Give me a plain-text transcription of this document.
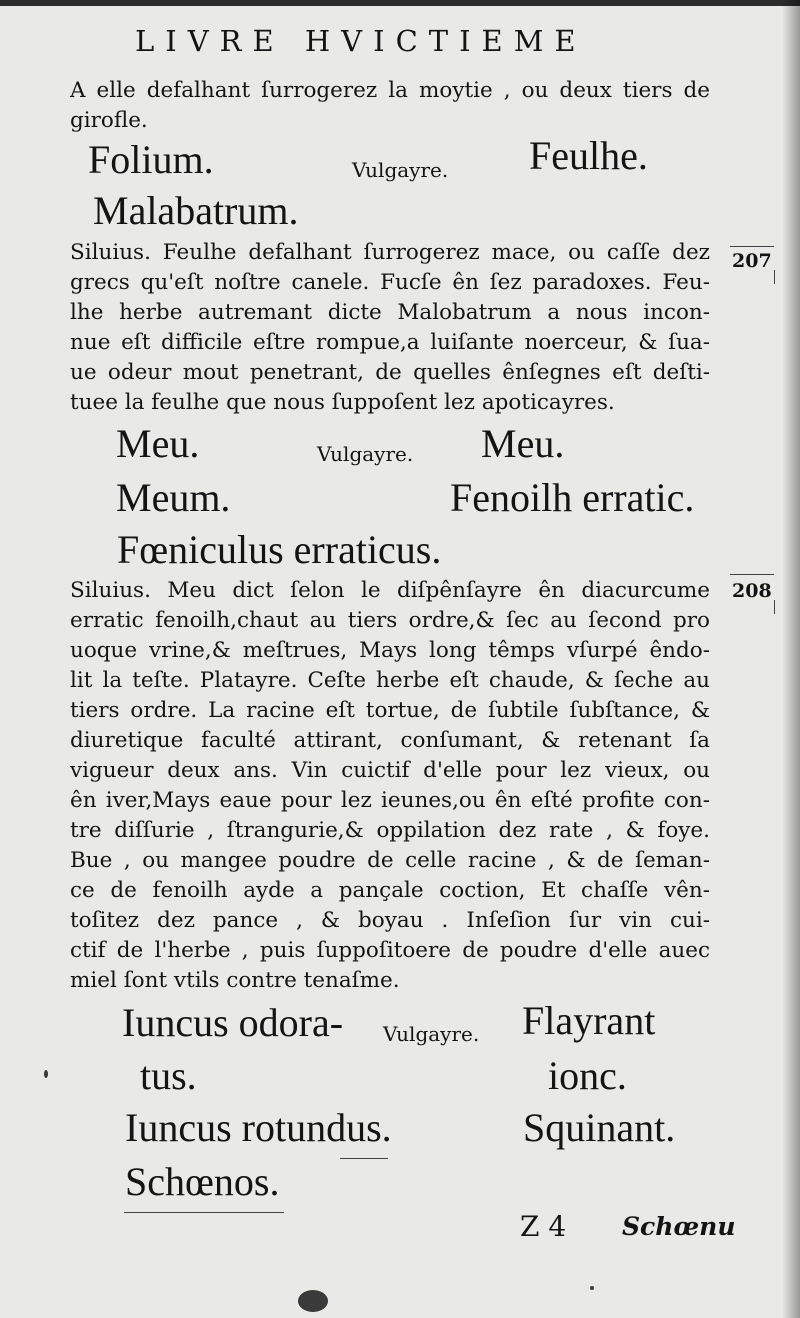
LIVRE HVICTIEME
A elle defalhant ſurrogerez la moytie , ou deux tiers de
girofle.
Folium.	Vulgayre. Feulhe.
Malabatrum.
Siluius. Feulhe defalhant ſurrogerez mace, ou caſſe dez
grecs qu'eſt noſtre canele. Fucſe ên ſez paradoxes. Feu-
lhe herbe autremant dicte Malobatrum a nous incon-
nue eſt difficile eſtre rompue,a luiſante noerceur, & ſua-
ue odeur mout penetrant, de quelles ênſegnes eſt deſti-
tuee la feulhe que nous ſuppoſent lez apoticayres.
207
Meu.	Vulgayre. Meu.
Meum.	Fenoilh erratic.
Fœniculus erraticus.
Siluius. Meu dict ſelon le diſpênſayre ên diacurcume
erratic fenoilh,chaut au tiers ordre,& ſec au ſecond pro
uoque vrine,& meſtrues, Mays long têmps vſurpé êndo-
lit la teſte. Platayre. Ceſte herbe eſt chaude, & ſeche au
tiers ordre. La racine eſt tortue, de ſubtile ſubſtance, &
diuretique faculté attirant, conſumant, & retenant ſa
vigueur deux ans. Vin cuictif d'elle pour lez vieux, ou
ên iver,Mays eaue pour lez ieunes,ou ên eſté profite con-
tre diſſurie , ſtrangurie,& oppilation dez rate , & foye.
Bue , ou mangee poudre de celle racine , & de ſeman-
ce de fenoilh ayde a pançale coction, Et chaſſe vên-
toſitez dez pance , & boyau . Inſeſion ſur vin cui-
ctif de l'herbe , puis ſuppoſitoere de poudre d'elle auec
miel ſont vtils contre tenaſme.
208
Iuncus odora- Vulgayre. Flayrant
tus.	ionc.
Iuncus rotundus.	Squinant.
Schœnos.
Z 4 Schœnu
